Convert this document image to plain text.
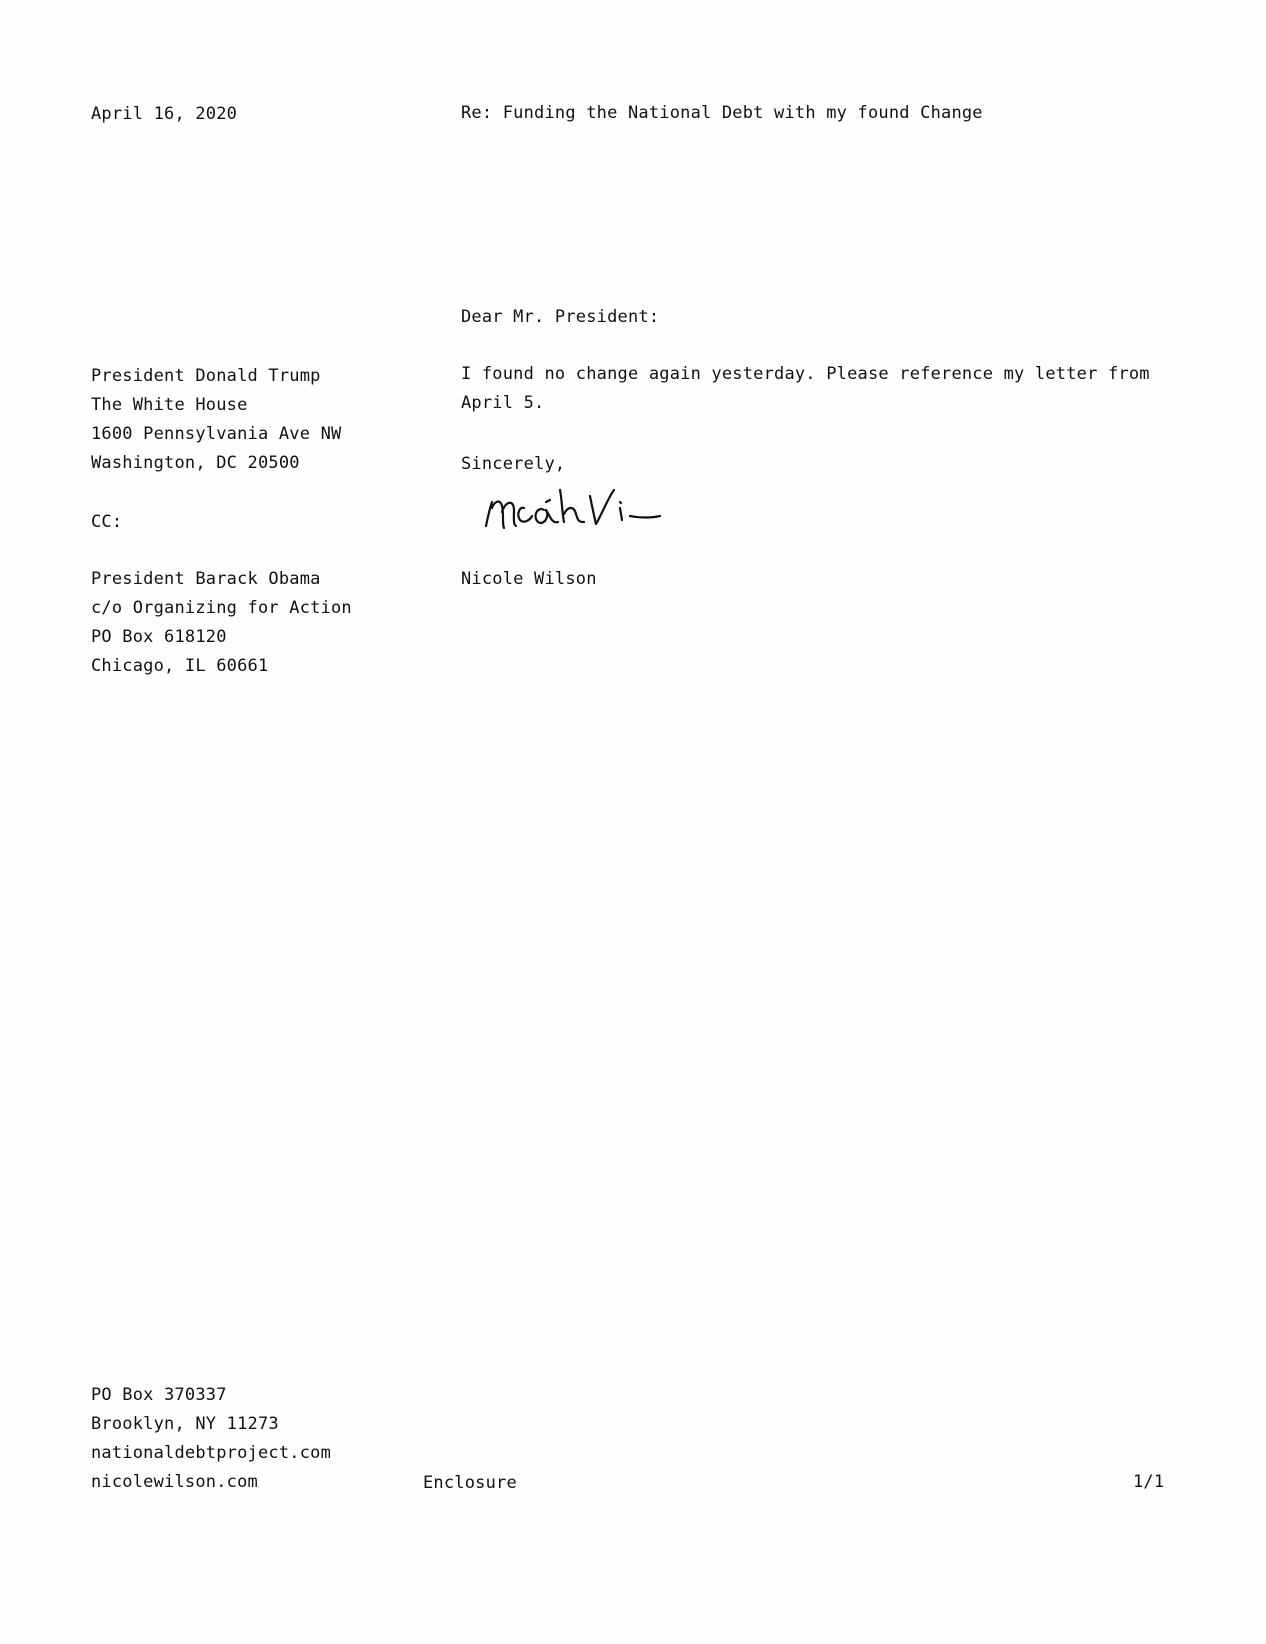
April 16, 2020	Re: Funding the National Debt with my found Change
Dear Mr. President:
President Donald Trump
The White House
1600 Pennsylvania Ave NW
Washington, DC 20500
CC:
President Barack Obama
c/o Organizing for Action
PO Box 618120
Chicago, IL 60661
I found no change again yesterday. Please reference my letter from
April 5.
Sincerely,
Nicole Wilson
PO Box 370337
Brooklyn, NY 11273
nationaldebtproject.com
nicolewilson.com	Enclosure	1/1
